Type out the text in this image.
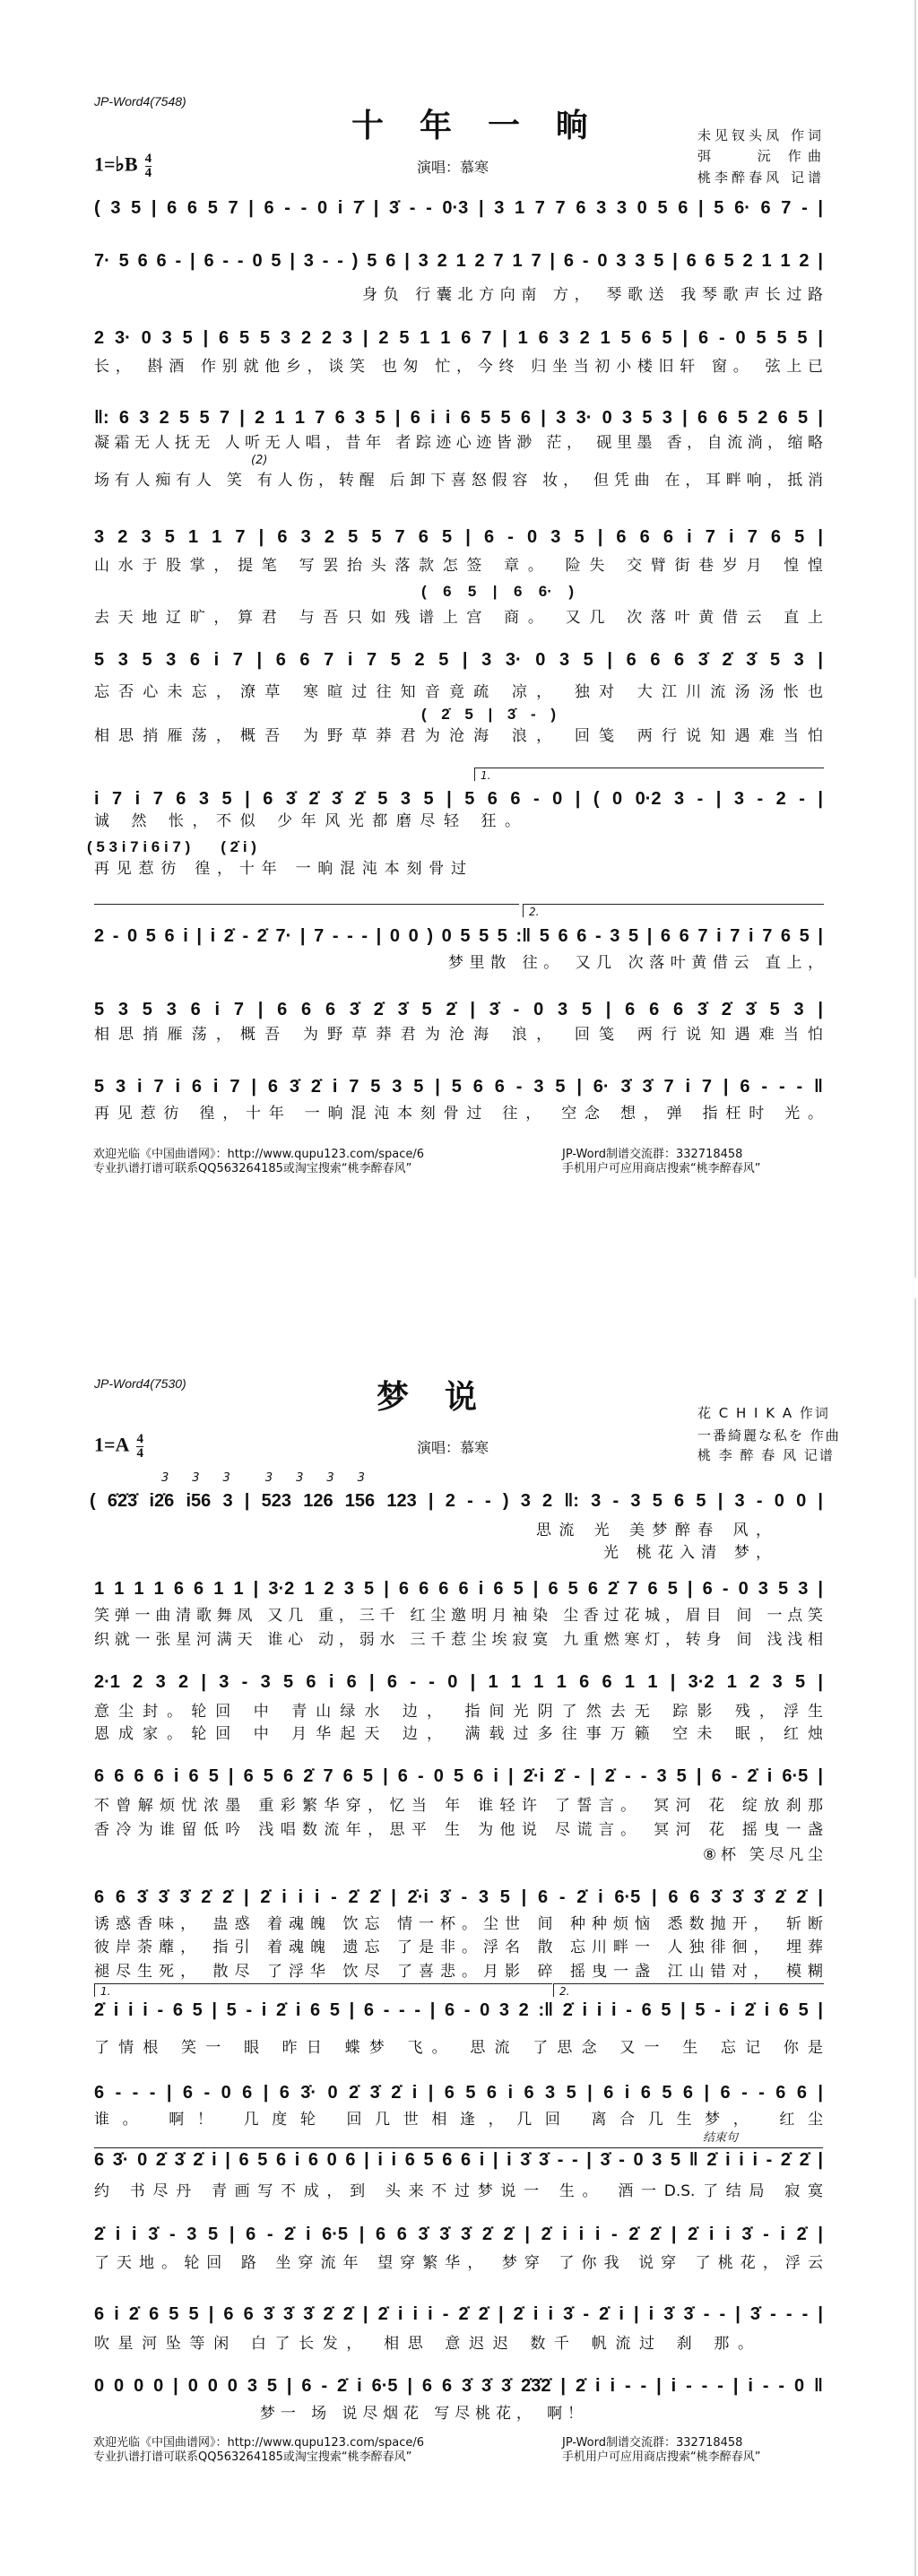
JP-Word4(7548)
十年一晌	未见钗头凤 作词
弭　　沅 作曲
桃李醉春风 记谱
1=♭B $\frac{4}{4}$	演唱：慕寒
1.
2.
( 3 5 | 6 6 5 7 | 6 - - 0 i 7̇ | 3̇ - - 0·3 | 3 1 7 7 6 3 3 0 5 6 | 5 6· 6 7 - |
7· 5 6 6 - | 6 - - 0 5 | 3 - - ) 5 6 | 3 2 1 2 7 1 7 | 6 - 0 3 3 5 | 6 6 5 2 1 1 2 |
身负 行囊北方向南 方， 琴歌送 我琴歌声长过路
2 3· 0 3 5 | 6 5 5 3 2 2 3 | 2 5 1 1 6 7 | 1 6 3 2 1 5 6 5 | 6 - 0 5 5 5 |
长， 斟酒 作别就他乡，谈笑 也匆 忙，今终 归坐当初小楼旧轩 窗。 弦上已
‖: 6 3 2 5 5 7 | 2 1 1 7 6 3 5 | 6 i i 6 5 5 6 | 3 3· 0 3 5 3 | 6 6 5 2 6 5 |
凝霜无人抚无 人听无人唱，昔年 者踪迹心迹皆渺 茫， 砚里墨 香，自流淌，缩略
(2)
场有人痴有人 笑 有人伤，转醒 后卸下喜怒假容 妆， 但凭曲 在，耳畔响，抵消
3 2 3 5 1 1 7 | 6 3 2 5 5 7 6 5 | 6 - 0 3 5 | 6 6 6 i 7 i 7 6 5 |
山水于股掌，提笔 写罢抬头落款怎签 章。 险失 交臂街巷岁月 惶惶
( 6 5 | 6 6· )
去天地辽旷，算君 与吾只如残谱上宫 商。 又几 次落叶黄借云 直上
5 3 5 3 6 i 7 | 6 6 7 i 7 5 2 5 | 3 3· 0 3 5 | 6 6 6 3̇ 2̇ 3̇ 5 3 |
忘否心未忘，潦草 寒暄过往知音竟疏 凉， 独对 大江川流汤汤怅也
( 2̇ 5 | 3̇ - )
相思捎雁荡，概吾 为野草莽君为沧海 浪， 回笺 两行说知遇难当怕
i 7 i 7 6 3 5 | 6 3̇ 2̇ 3̇ 2̇ 5 3 5 | 5 6 6 - 0 | ( 0 0·2 3 - | 3 - 2 - |
诚 然 怅，不似 少年风光都磨尽轻 狂。
( 5 3 i 7 i 6 i 7 )　　( 2̇ i )
再见惹彷 徨，十年 一晌混沌本刻骨过
2 - 0 5 6 i | i 2̇ - 2̇ 7· | 7 - - - | 0 0 ) 0 5 5 5 :‖ 5 6 6 - 3 5 | 6 6 7 i 7 i 7 6 5 |
梦里散 往。 又几 次落叶黄借云 直上，
5 3 5 3 6 i 7 | 6 6 6 3̇ 2̇ 3̇ 5 2̇ | 3̇ - 0 3 5 | 6 6 6 3̇ 2̇ 3̇ 5 3 |
相思捎雁荡，概吾 为野草莽君为沧海 浪， 回笺 两行说知遇难当怕
5 3 i 7 i 6 i 7 | 6 3̇ 2̇ i 7 5 3 5 | 5 6 6 - 3 5 | 6· 3̇ 3̇ 7 i 7 | 6 - - - ‖
再见惹彷 徨，十年 一晌混沌本刻骨过 往， 空念 想，弹 指枉时 光。
欢迎光临《中国曲谱网》：http://www.qupu123.com/space/6	JP-Word制谱交流群：332718458
专业扒谱打谱可联系QQ563264185或淘宝搜索“桃李醉春风”	手机用户可应用商店搜索“桃李醉春风”
JP-Word4(7530)	梦说	花 C H I K A 作词
一番綺麗な私を 作曲
桃 李 醉 春 风 记谱
$1=A \frac{4}{4}$	演唱：慕寒
1.	2.
3　　3　　3　　　3　　3　　3　　3
( 6̇2̇3̇ i2̇6 i56 3 | 523 126 156 123 | 2 - - ) 3 2 ‖: 3 - 3 5 6 5 | 3 - 0 0 |
思流 光 美梦醉春 风，
光 桃花入清 梦，
1 1 1 1 6 6 1 1 | 3·2 1 2 3 5 | 6 6 6 6 i 6 5 | 6 5 6 2̇ 7 6 5 | 6 - 0 3 5 3 |
笑弹一曲清歌舞凤 又几 重，三千 红尘邀明月袖染 尘香过花城，眉目 间 一点笑
织就一张星河满天 谁心 动，弱水 三千惹尘埃寂寞 九重燃寒灯，转身 间 浅浅相
2·1 2 3 2 | 3 - 3 5 6 i 6 | 6 - - 0 | 1 1 1 1 6 6 1 1 | 3·2 1 2 3 5 |
意尘封。轮回 中 青山绿水 边， 指间光阴了然去无 踪影 残，浮生
恩成家。轮回 中 月华起天 边， 满载过多往事万籁 空未 眠，红烛
6 6 6 6 i 6 5 | 6 5 6 2̇ 7 6 5 | 6 - 0 5 6 i | 2̇·i 2̇ - | 2̇ - - 3 5 | 6 - 2̇ i 6·5 |
不曾解烦忧浓墨 重彩繁华穿，忆当 年 谁轻许 了誓言。 冥河 花 绽放刹那
香冷为谁留低吟 浅唱数流年，思平 生 为他说 尽谎言。 冥河 花 摇曳一盏
⑧杯 笑尽凡尘
6 6 3̇ 3̇ 3̇ 2̇ 2̇ | 2̇ i i i - 2̇ 2̇ | 2̇·i 3̇ - 3 5 | 6 - 2̇ i 6·5 | 6 6 3̇ 3̇ 3̇ 2̇ 2̇ |
诱惑香味， 蛊惑 着魂魄 饮忘 情一杯。尘世 间 种种烦恼 悉数抛开， 斩断
彼岸荼蘼， 指引 着魂魄 遗忘 了是非。浮名 散 忘川畔一 人独徘徊， 埋葬
褪尽生死， 散尽 了浮华 饮尽 了喜悲。月影 碎 摇曳一盏 江山错对， 模糊
2̇ i i i - 6 5 | 5 - i 2̇ i 6 5 | 6 - - - | 6 - 0 3 2 :‖ 2̇ i i i - 6 5 | 5 - i 2̇ i 6 5 |
了情根 笑一 眼 昨日 蝶梦 飞。 思流 了思念 又一 生 忘记 你是
6 - - - | 6 - 0 6 | 6 3̇· 0 2̇ 3̇ 2̇ i | 6 5 6 i 6 3 5 | 6 i 6 5 6 | 6 - - 6 6 |
谁。 啊！ 几度轮 回几世相逢，几回 离合几生梦， 红尘
结束句
6 3̇· 0 2̇ 3̇ 2̇ i | 6 5 6 i 6 0 6 | i i 6 5 6 6 i | i 3̇ 3̇ - - | 3̇ - 0 3 5 ‖ 2̇ i i i - 2̇ 2̇ |
约 书尽丹 青画写不成，到 头来不过梦说一 生。 酒一D.S.了结局 寂寞
2̇ i i 3̇ - 3 5 | 6 - 2̇ i 6·5 | 6 6 3̇ 3̇ 3̇ 2̇ 2̇ | 2̇ i i i - 2̇ 2̇ | 2̇ i i 3̇ - i 2̇ |
了天地。轮回 路 坐穿流年 望穿繁华， 梦穿 了你我 说穿 了桃花，浮云
6 i 2̇ 6 5 5 | 6 6 3̇ 3̇ 3̇ 2̇ 2̇ | 2̇ i i i - 2̇ 2̇ | 2̇ i i 3̇ - 2̇ i | i 3̇ 3̇ - - | 3̇ - - - |
吹星河坠等闲 白了长发， 相思 意迟迟 数千 帆流过 刹 那。
0 0 0 0 | 0 0 0 3 5 | 6 - 2̇ i 6·5 | 6 6 3̇ 3̇ 3̇ 2̇3̇2̇ | 2̇ i i - - | i - - - | i - - 0 ‖
梦一 场 说尽烟花 写尽桃花， 啊！
欢迎光临《中国曲谱网》：http://www.qupu123.com/space/6	JP-Word制谱交流群：332718458
专业扒谱打谱可联系QQ563264185或淘宝搜索“桃李醉春风”	手机用户可应用商店搜索“桃李醉春风”
